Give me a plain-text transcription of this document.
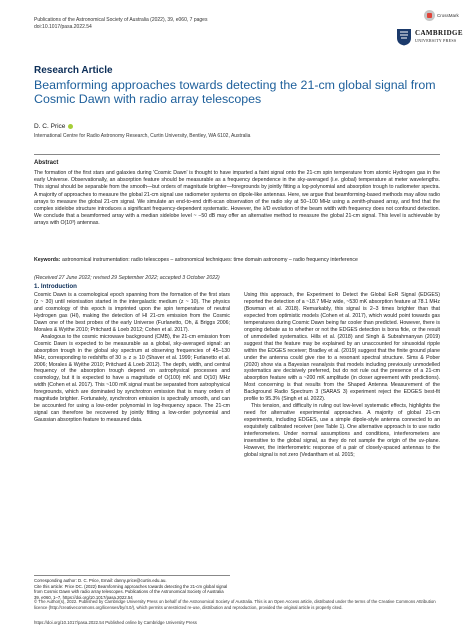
Publications of the Astronomical Society of Australia (2022), 39, e060, 7 pages
doi:10.1017/pasa.2022.54
CrossMark
CAMBRIDGE
UNIVERSITY PRESS
Research Article
Beamforming approaches towards detecting the 21-cm global signal from Cosmic Dawn with radio array telescopes
D. C. Price
International Centre for Radio Astronomy Research, Curtin University, Bentley, WA 6102, Australia
Abstract
The formation of the first stars and galaxies during 'Cosmic Dawn' is thought to have imparted a faint signal onto the 21-cm spin temperature from atomic Hydrogen gas in the early Universe. Observationally, an absorption feature should be measurable as a frequency dependence in the sky-averaged (i.e. global) temperature at meter wavelengths. This signal should be separable from the smooth—but orders of magnitude brighter—foregrounds by jointly fitting a log-polynomial and absorption trough to radiometer spectra. A majority of approaches to measure the global 21-cm signal use radiometer systems on dipole-like antennas. Here, we argue that beamforming-based methods may allow radio arrays to measure the global 21-cm signal. We simulate an end-to-end drift-scan observation of the radio sky at 50–100 MHz using a zenith-phased array, and find that the complex sidelobe structure introduces a significant frequency-dependent systematic. However, the λ/D evolution of the beam width with frequency does not confound detection. We conclude that a beamformed array with a median sidelobe level ~ −50 dB may offer an alternative method to measure the global 21-cm signal. This level is achievable by arrays with O(10³) antennas.
Keywords: astronomical instrumentation: radio telescopes – astronomical techniques: time domain astronomy – radio frequency interference
(Received 27 June 2022; revised 29 September 2022; accepted 3 October 2022)
1. Introduction

Cosmic Dawn is a cosmological epoch spanning from the formation of the first stars (z ~ 30) until reionisation started in the intergalactic medium (z ~ 10). The physics and cosmology of this epoch is imprinted upon the spin temperature of neutral Hydrogen gas (HI), making the detection of HI 21-cm emission from the Cosmic Dawn one of the best probes of the early Universe (Furlanetto, Oh, & Briggs 2006; Morales & Wyithe 2010; Pritchard & Loeb 2012; Cohen et al. 2017).

Analogous to the cosmic microwave background (CMB), the 21-cm emission from Cosmic Dawn is expected to be measurable as a global, sky-averaged signal: an absorption trough in the global sky spectrum at observing frequencies of 45–130 MHz, corresponding to redshifts of 30 ≳ z ≳ 10 (Shaver et al. 1999; Furlanetto et al. 2006; Morales & Wyithe 2010; Pritchard & Loeb 2012). The depth, width, and central frequency of the absorption trough depend on astrophysical processes and cosmology, but it is expected to have a magnitude of O(100) mK and O(10) MHz width (Cohen et al. 2017). This ~100 mK signal must be separated from astrophysical foregrounds, which are dominated by synchrotron emission that is many orders of magnitude brighter. Fortunately, synchrotron emission is spectrally smooth, and can be accounted for using a low-order polynomial in log-frequency space. The 21-cm signal can therefore be recovered by jointly fitting a low-order polynomial and Gaussian absorption feature to measured data.

Using this approach, the Experiment to Detect the Global EoR Signal (EDGES) reported the detection of a ~18.7 MHz wide, ~530 mK absorption feature at 78.1 MHz (Bowman et al. 2018). Remarkably, this signal is 2–3 times brighter than that expected from optimistic models (Cohen et al. 2017), which would point towards gas temperatures during Cosmic Dawn being far cooler than predicted. However, there is ongoing debate as to whether or not the EDGES detection is bona fide, or the result of unmodelled systematics. Hills et al. (2018) and Singh & Subrahmanyan (2019) suggest that the feature may be explained by an unaccounted for sinusoidal ripple within the EDGES receiver; Bradley et al. (2019) suggest that the finite ground plane under the antenna could give rise to a resonant spectral structure. Sims & Pober (2020) show via a Bayesian reanalysis that models including previously unmodelled systematics are decisively preferred, but do not rule out the presence of a 21-cm absorption feature with a ~200 mK amplitude (in closer agreement with predictions). Most concerning is that results from the Shaped Antenna Measurement of the Background Radio Spectrum 3 (SARAS 3) experiment reject the EDGES best-fit profile to 95.3% (Singh et al. 2022).

This tension, and difficulty in ruling out low-level systematic effects, highlights the need for alternative experimental approaches. A majority of global 21-cm experiments, including EDGES, use a simple dipole-style antenna connected to an exquisitely calibrated receiver (see Table 1). One alternative approach is to use radio interferometers. Under normal assumptions and conditions, interferometers are insensitive to the global signal, as they do not sample the origin of the uv-plane. However, the interferometric response of a pair of closely-spaced antennas to the global signal is not zero (Vedantham et al. 2015;

Corresponding author: D. C. Price, Email: danny.price@curtin.edu.au.
Cite this article: Price DC. (2022) Beamforming approaches towards detecting the 21-cm global signal from Cosmic Dawn with radio array telescopes. Publications of the Astronomical Society of Australia 39, e060, 1–7. https://doi.org/10.1017/pasa.2022.54
© The Author(s), 2022. Published by Cambridge University Press on behalf of the Astronomical Society of Australia. This is an Open Access article, distributed under the terms of the Creative Commons Attribution licence (http://creativecommons.org/licenses/by/4.0/), which permits unrestricted re-use, distribution and reproduction, provided the original article is properly cited.
https://doi.org/10.1017/pasa.2022.54 Published online by Cambridge University Press
